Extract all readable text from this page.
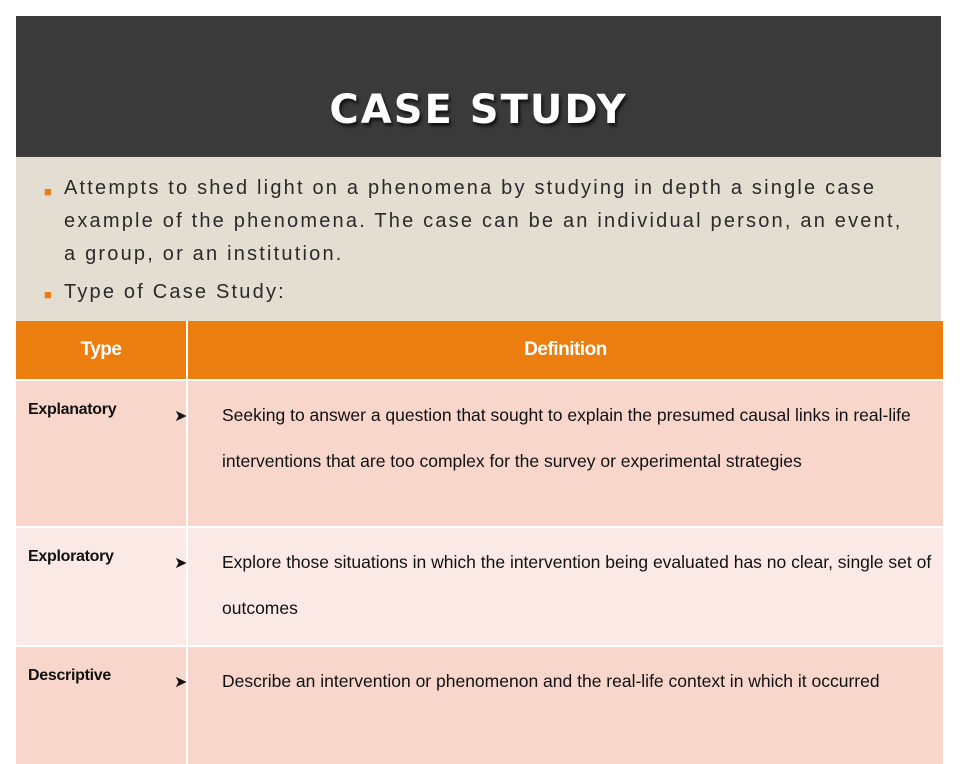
CASE STUDY
■ Attempts to shed light on a phenomena by studying in depth a single case example of the phenomena. The case can be an individual person, an event, a group, or an institution.
■ Type of Case Study:
Type	Definition
Explanatory	➤ Seeking to answer a question that sought to explain the presumed causal links in real-life interventions that are too complex for the survey or experimental strategies

Exploratory	➤ Explore those situations in which the intervention being evaluated has no clear, single set of outcomes

Descriptive	➤ Describe an intervention or phenomenon and the real-life context in which it occurred
